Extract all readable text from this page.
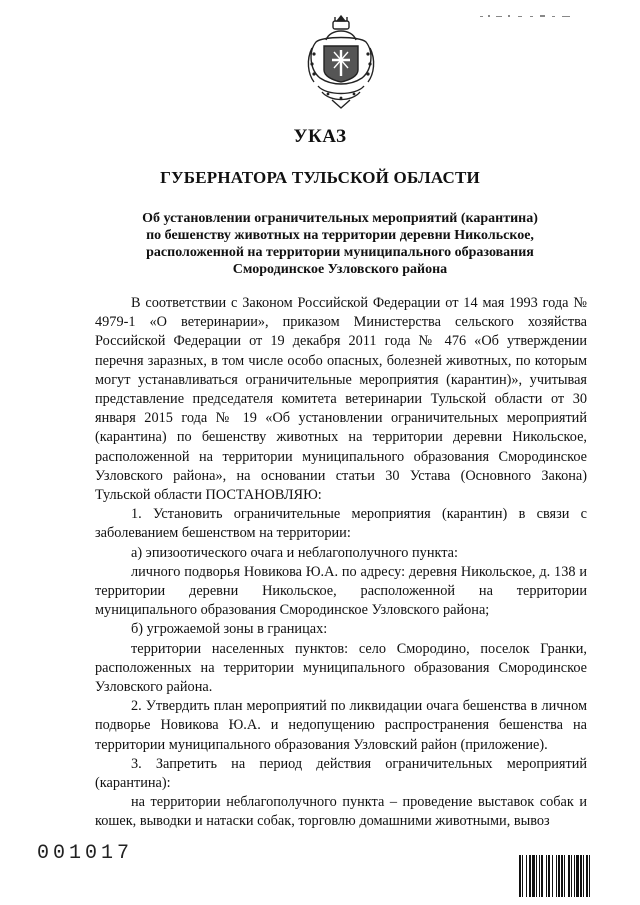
УКАЗ
ГУБЕРНАТОРА ТУЛЬСКОЙ ОБЛАСТИ
Об установлении ограничительных мероприятий (карантина)
по бешенству животных на территории деревни Никольское,
расположенной на территории муниципального образования
Смородинское Узловского района

В соответствии с Законом Российской Федерации от 14 мая 1993 года № 4979-1 «О ветеринарии», приказом Министерства сельского хозяйства Российской Федерации от 19 декабря 2011 года № 476 «Об утверждении перечня заразных, в том числе особо опасных, болезней животных, по которым могут устанавливаться ограничительные мероприятия (карантин)», учитывая представление председателя комитета ветеринарии Тульской области от 30 января 2015 года № 19 «Об установлении ограничительных мероприятий (карантина) по бешенству животных на территории деревни Никольское, расположенной на территории муниципального образования Смородинское Узловского района», на основании статьи 30 Устава (Основного Закона) Тульской области ПОСТАНОВЛЯЮ:

1. Установить ограничительные мероприятия (карантин) в связи с заболеванием бешенством на территории:

а) эпизоотического очага и неблагополучного пункта:

личного подворья Новикова Ю.А. по адресу: деревня Никольское, д. 138 и территории деревни Никольское, расположенной на территории муниципального образования Смородинское Узловского района;

б) угрожаемой зоны в границах:

территории населенных пунктов: село Смородино, поселок Гранки, расположенных на территории муниципального образования Смородинское Узловского района.

2. Утвердить план мероприятий по ликвидации очага бешенства в личном подворье Новикова Ю.А. и недопущению распространения бешенства на территории муниципального образования Узловский район (приложение).

3. Запретить на период действия ограничительных мероприятий (карантина):

на территории неблагополучного пункта – проведение выставок собак и кошек, выводки и натаски собак, торговлю домашними животными, вывоз

001017
